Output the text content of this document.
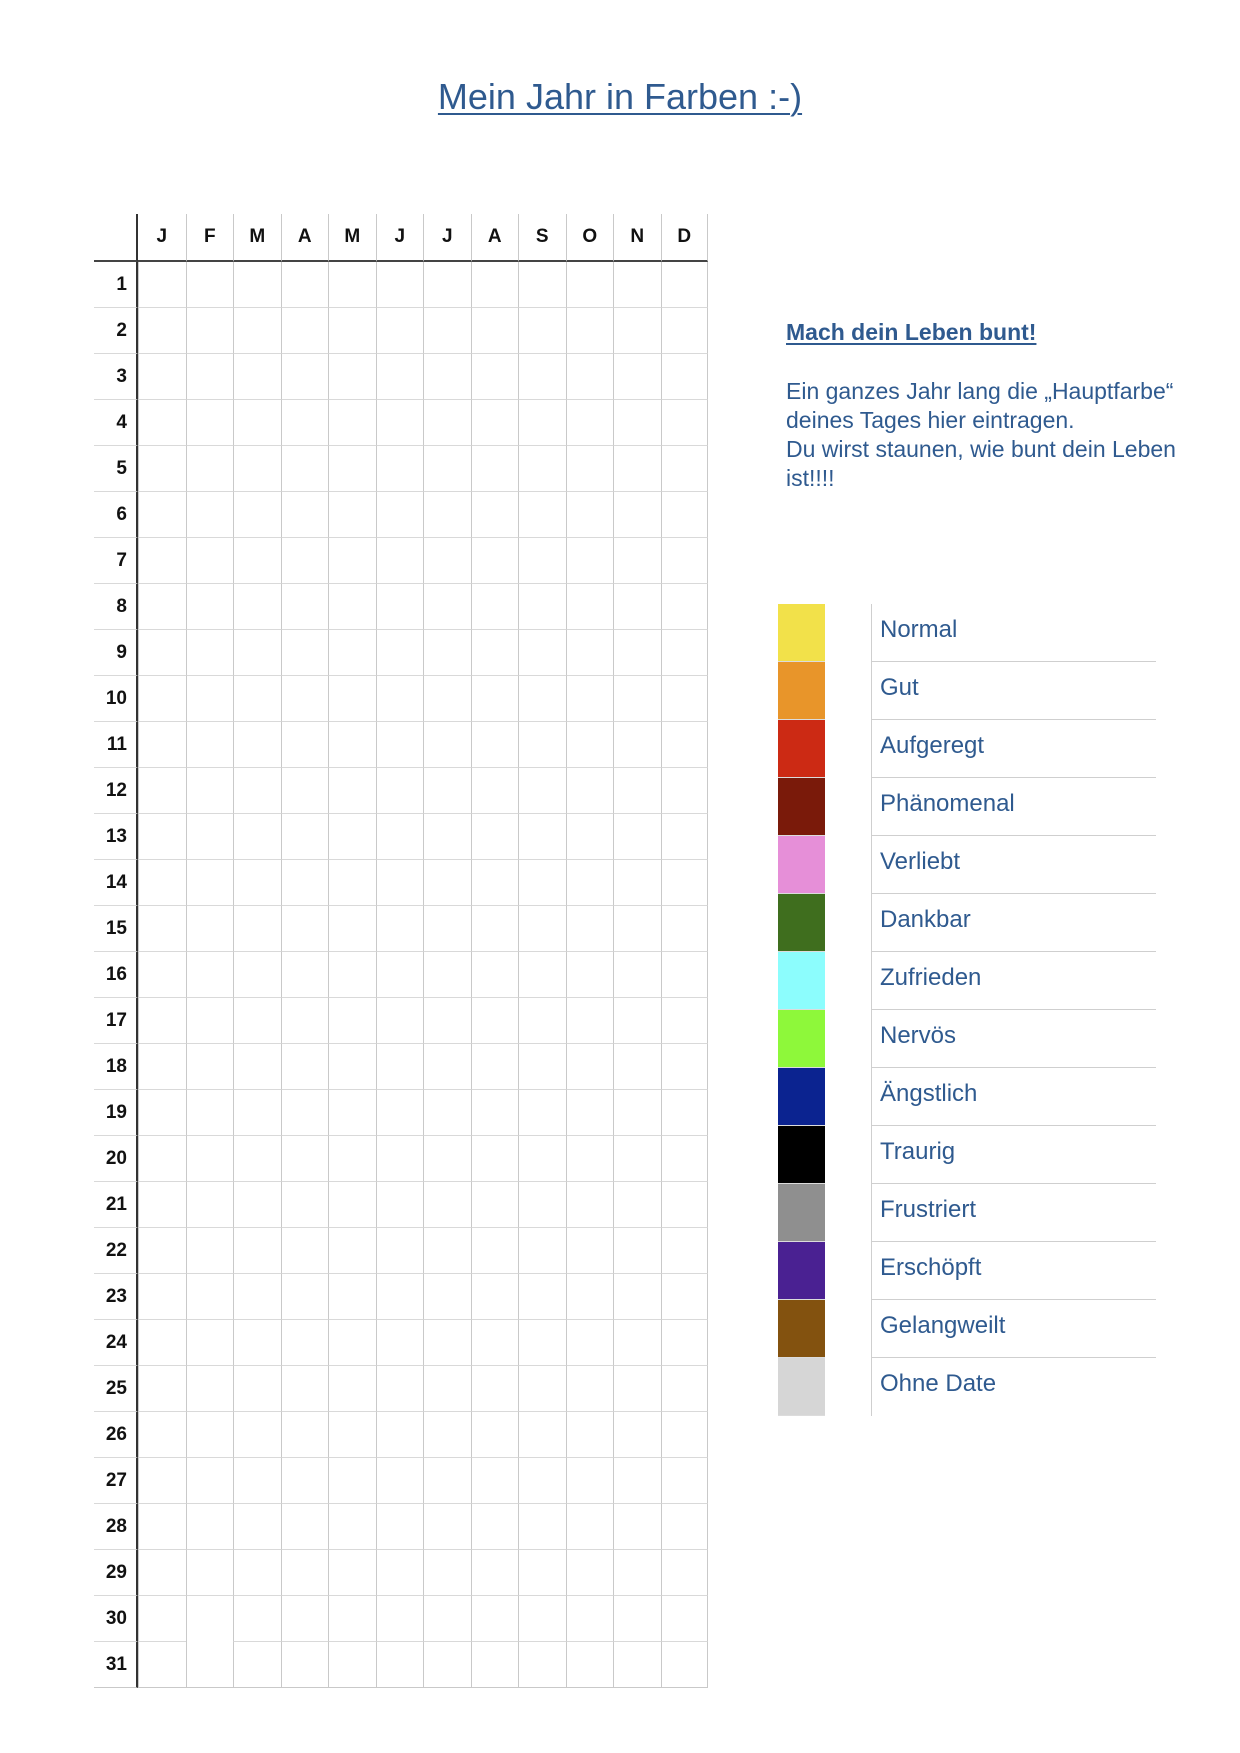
Mein Jahr in Farben :-)
J	F	M	A	M	J	J	A	S	O	N	D
1
2
3
4
5
6
7
8
9
10
11
12
13
14
15
16
17
18
19
20
21
22
23
24
25
26
27
28
29
30
31
Mach dein Leben bunt!
Ein ganzes Jahr lang die „Hauptfarbe“
deines Tages hier eintragen.
Du wirst staunen, wie bunt dein Leben
ist!!!!
Normal
Gut
Aufgeregt
Phänomenal
Verliebt
Dankbar
Zufrieden
Nervös
Ängstlich
Traurig
Frustriert
Erschöpft
Gelangweilt
Ohne Date
